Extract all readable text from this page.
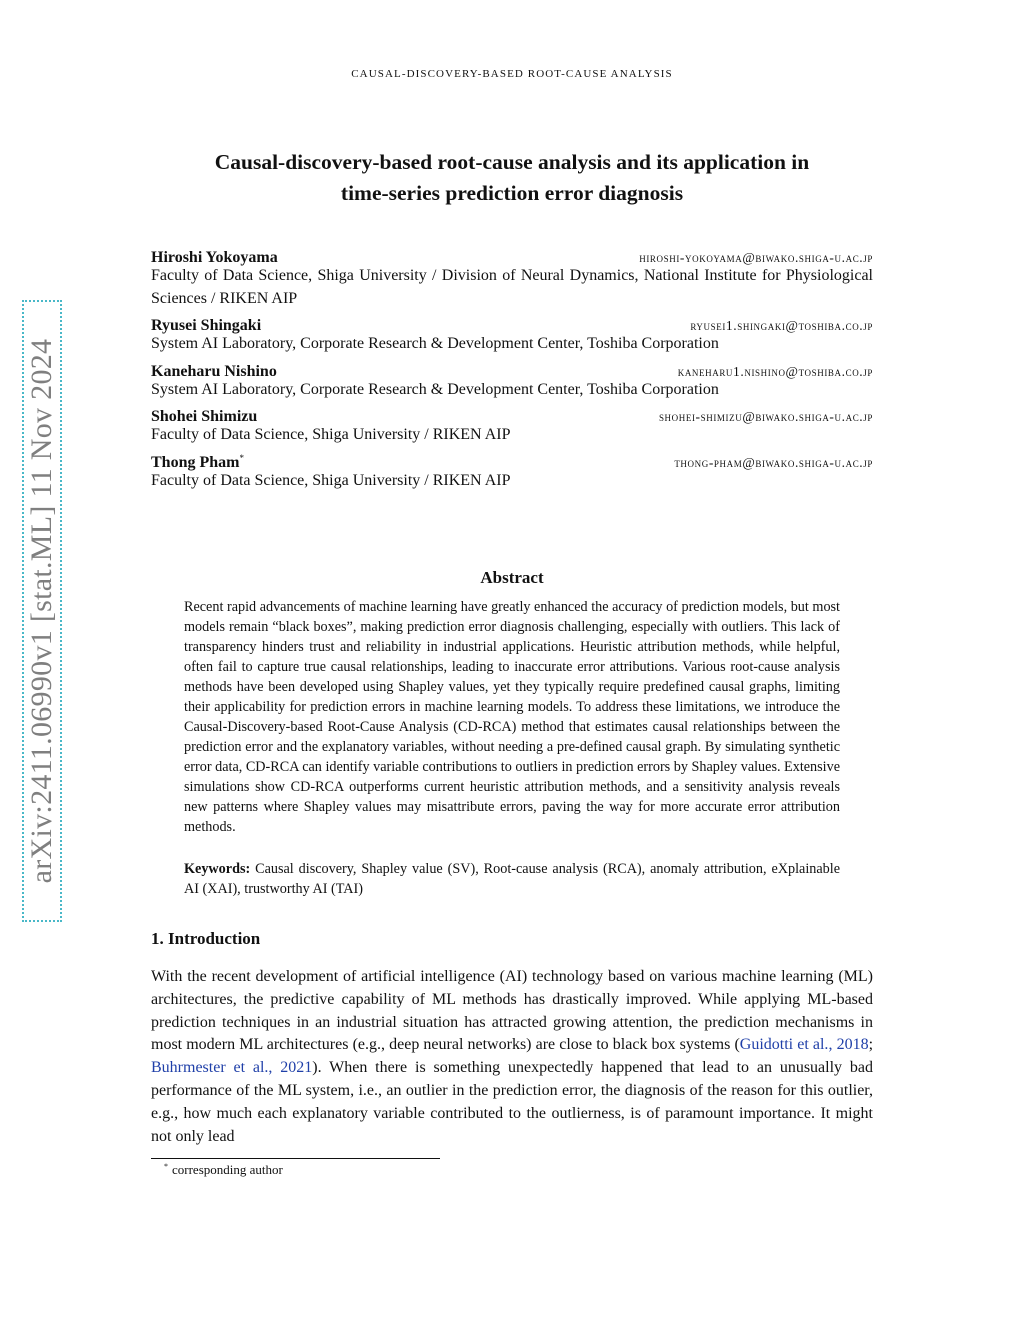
CAUSAL-DISCOVERY-BASED ROOT-CAUSE ANALYSIS
Causal-discovery-based root-cause analysis and its application in
time-series prediction error diagnosis
Hiroshi Yokoyama	hiroshi-yokoyama@biwako.shiga-u.ac.jp
Faculty of Data Science, Shiga University / Division of Neural Dynamics, National Institute for Physiological Sciences / RIKEN AIP
Ryusei Shingaki	ryusei1.shingaki@toshiba.co.jp
System AI Laboratory, Corporate Research & Development Center, Toshiba Corporation
Kaneharu Nishino	kaneharu1.nishino@toshiba.co.jp
System AI Laboratory, Corporate Research & Development Center, Toshiba Corporation
Shohei Shimizu	shohei-shimizu@biwako.shiga-u.ac.jp
Faculty of Data Science, Shiga University / RIKEN AIP
Thong Pham*	thong-pham@biwako.shiga-u.ac.jp
Faculty of Data Science, Shiga University / RIKEN AIP
arXiv:2411.06990v1 [stat.ML] 11 Nov 2024	Abstract

Recent rapid advancements of machine learning have greatly enhanced the accuracy of prediction models, but most models remain “black boxes”, making prediction error diagnosis challenging, especially with outliers. This lack of transparency hinders trust and reliability in industrial applications. Heuristic attribution methods, while helpful, often fail to capture true causal relationships, leading to inaccurate error attributions. Various root-cause analysis methods have been developed using Shapley values, yet they typically require predefined causal graphs, limiting their applicability for prediction errors in machine learning models. To address these limitations, we introduce the Causal-Discovery-based Root-Cause Analysis (CD-RCA) method that estimates causal relationships between the prediction error and the explanatory variables, without needing a pre-defined causal graph. By simulating synthetic error data, CD-RCA can identify variable contributions to outliers in prediction errors by Shapley values. Extensive simulations show CD-RCA outperforms current heuristic attribution methods, and a sensitivity analysis reveals new patterns where Shapley values may misattribute errors, paving the way for more accurate error attribution methods.

Keywords: Causal discovery, Shapley value (SV), Root-cause analysis (RCA), anomaly attribution, eXplainable AI (XAI), trustworthy AI (TAI)

1. Introduction

With the recent development of artificial intelligence (AI) technology based on various machine learning (ML) architectures, the predictive capability of ML methods has drastically improved. While applying ML-based prediction techniques in an industrial situation has attracted growing attention, the prediction mechanisms in most modern ML architectures (e.g., deep neural networks) are close to black box systems (Guidotti et al., 2018; Buhrmester et al., 2021). When there is something unexpectedly happened that lead to an unusually bad performance of the ML system, i.e., an outlier in the prediction error, the diagnosis of the reason for this outlier, e.g., how much each explanatory variable contributed to the outlierness, is of paramount importance. It might not only lead

* corresponding author
